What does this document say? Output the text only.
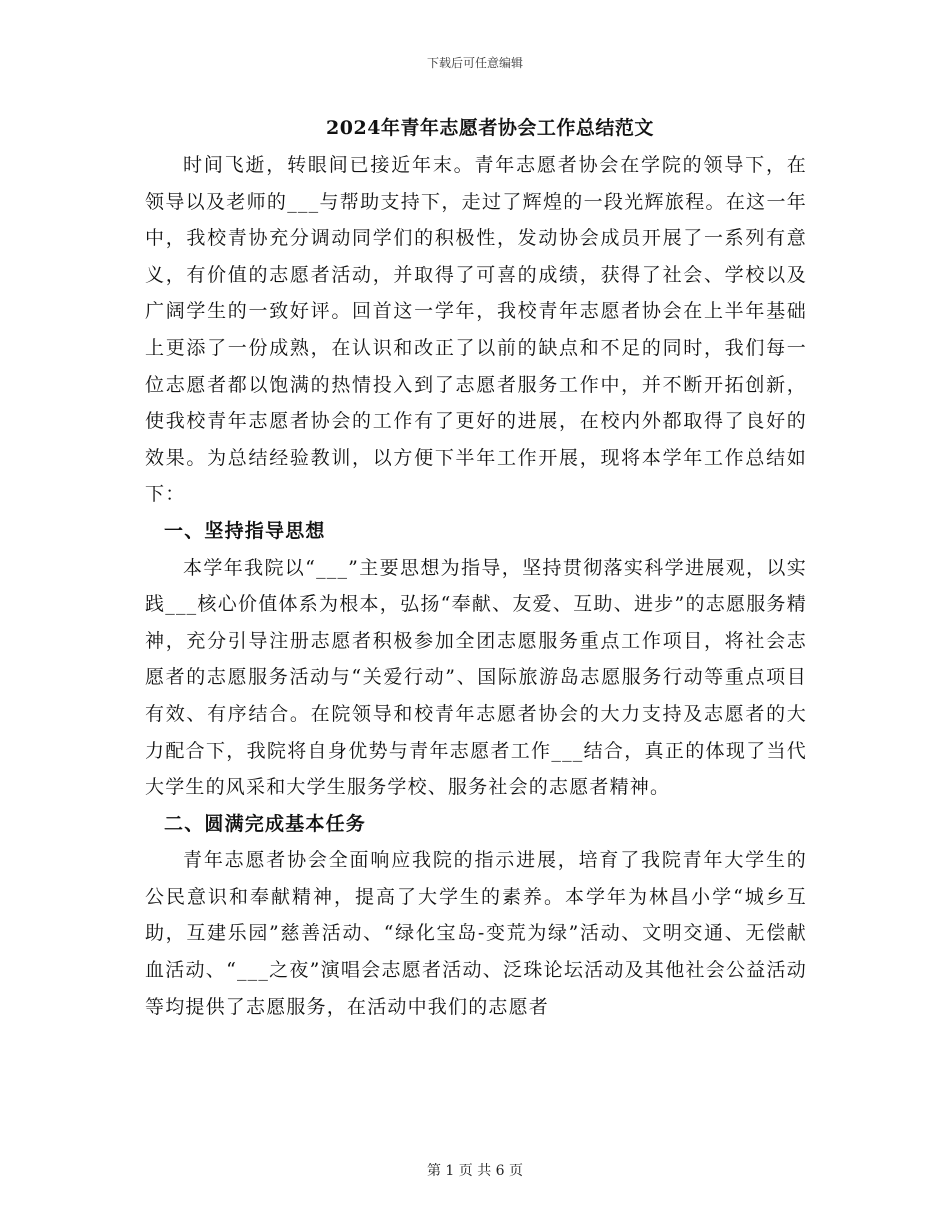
下载后可任意编辑
2024年青年志愿者协会工作总结范文

时间飞逝，转眼间已接近年末。青年志愿者协会在学院的领导下，在领导以及老师的___与帮助支持下，走过了辉煌的一段光辉旅程。在这一年中，我校青协充分调动同学们的积极性，发动协会成员开展了一系列有意义，有价值的志愿者活动，并取得了可喜的成绩，获得了社会、学校以及广阔学生的一致好评。回首这一学年，我校青年志愿者协会在上半年基础上更添了一份成熟，在认识和改正了以前的缺点和不足的同时，我们每一位志愿者都以饱满的热情投入到了志愿者服务工作中，并不断开拓创新，使我校青年志愿者协会的工作有了更好的进展，在校内外都取得了良好的效果。为总结经验教训，以方便下半年工作开展，现将本学年工作总结如下：

一、坚持指导思想

本学年我院以“___”主要思想为指导，坚持贯彻落实科学进展观，以实践___核心价值体系为根本，弘扬“奉献、友爱、互助、进步”的志愿服务精神，充分引导注册志愿者积极参加全团志愿服务重点工作项目，将社会志愿者的志愿服务活动与“关爱行动”、国际旅游岛志愿服务行动等重点项目有效、有序结合。在院领导和校青年志愿者协会的大力支持及志愿者的大力配合下，我院将自身优势与青年志愿者工作___结合，真正的体现了当代大学生的风采和大学生服务学校、服务社会的志愿者精神。

二、圆满完成基本任务

青年志愿者协会全面响应我院的指示进展，培育了我院青年大学生的公民意识和奉献精神，提高了大学生的素养。本学年为林昌小学“城乡互助，互建乐园”慈善活动、“绿化宝岛-变荒为绿”活动、文明交通、无偿献血活动、“___之夜”演唱会志愿者活动、泛珠论坛活动及其他社会公益活动等均提供了志愿服务，在活动中我们的志愿者

第 1 页 共 6 页
